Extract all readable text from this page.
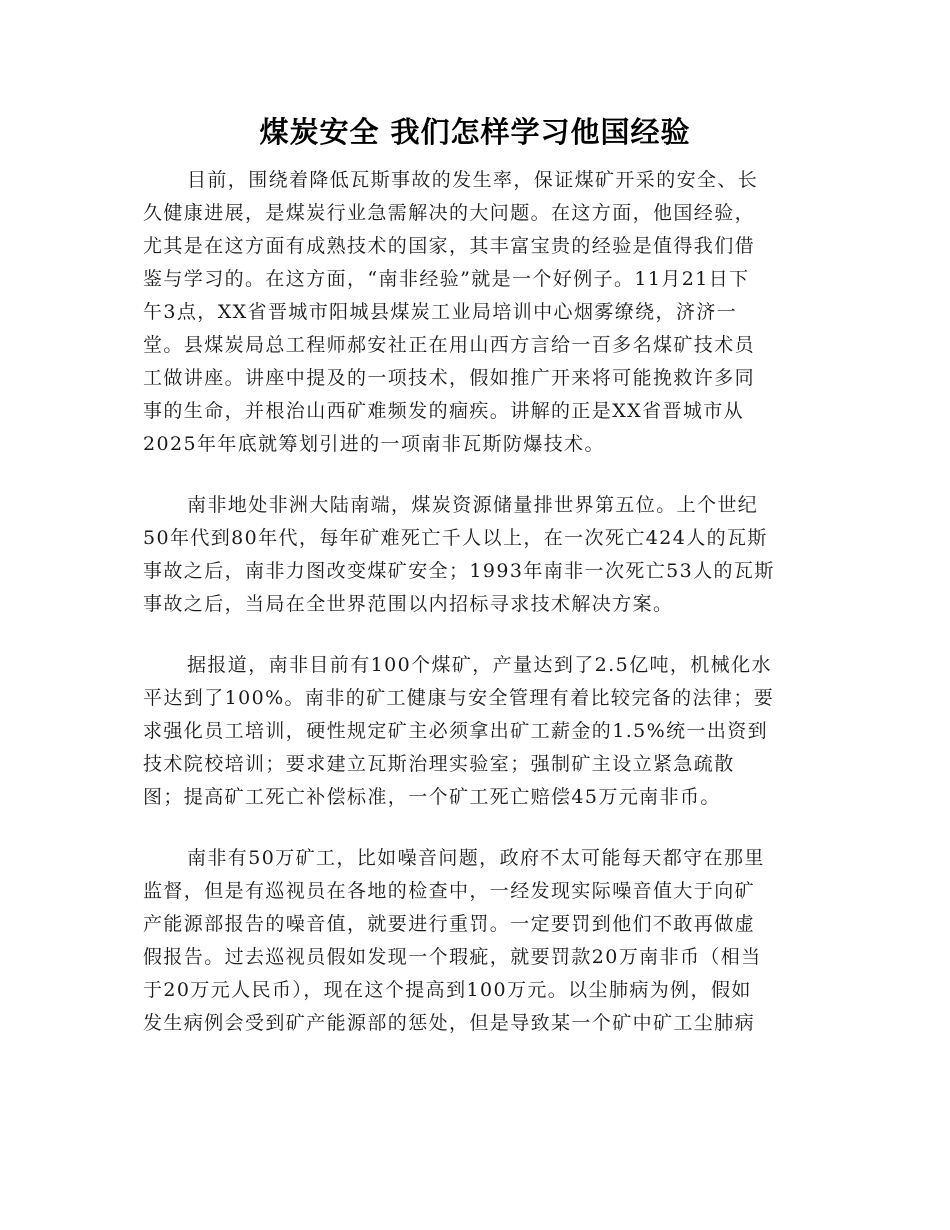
煤炭安全 我们怎样学习他国经验

目前，围绕着降低瓦斯事故的发生率，保证煤矿开采的安全、长
久健康进展，是煤炭行业急需解决的大问题。在这方面，他国经验，
尤其是在这方面有成熟技术的国家，其丰富宝贵的经验是值得我们借
鉴与学习的。在这方面，“南非经验”就是一个好例子。11月21日下
午3点，XX省晋城市阳城县煤炭工业局培训中心烟雾缭绕，济济一
堂。县煤炭局总工程师郝安社正在用山西方言给一百多名煤矿技术员
工做讲座。讲座中提及的一项技术，假如推广开来将可能挽救许多同
事的生命，并根治山西矿难频发的痼疾。讲解的正是XX省晋城市从
2025年年底就筹划引进的一项南非瓦斯防爆技术。

南非地处非洲大陆南端，煤炭资源储量排世界第五位。上个世纪
50年代到80年代，每年矿难死亡千人以上，在一次死亡424人的瓦斯
事故之后，南非力图改变煤矿安全；1993年南非一次死亡53人的瓦斯
事故之后，当局在全世界范围以内招标寻求技术解决方案。

据报道，南非目前有100个煤矿，产量达到了2.5亿吨，机械化水
平达到了100%。南非的矿工健康与安全管理有着比较完备的法律；要
求强化员工培训，硬性规定矿主必须拿出矿工薪金的1.5%统一出资到
技术院校培训；要求建立瓦斯治理实验室；强制矿主设立紧急疏散
图；提高矿工死亡补偿标准，一个矿工死亡赔偿45万元南非币。

南非有50万矿工，比如噪音问题，政府不太可能每天都守在那里
监督，但是有巡视员在各地的检查中，一经发现实际噪音值大于向矿
产能源部报告的噪音值，就要进行重罚。一定要罚到他们不敢再做虚
假报告。过去巡视员假如发现一个瑕疵，就要罚款20万南非币（相当
于20万元人民币），现在这个提高到100万元。以尘肺病为例，假如
发生病例会受到矿产能源部的惩处，但是导致某一个矿中矿工尘肺病
